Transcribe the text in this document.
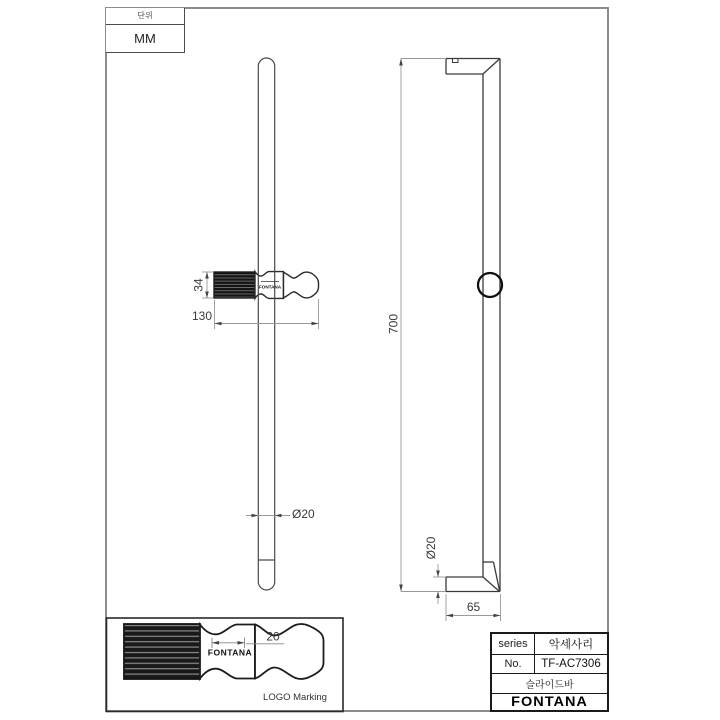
단위
MM
FONTANA
34
130
Ø20
700
Ø20
65
20
FONTANA
LOGO Marking
series	악세사리
No.	TF-AC7306
슬라이드바
FONTANA
